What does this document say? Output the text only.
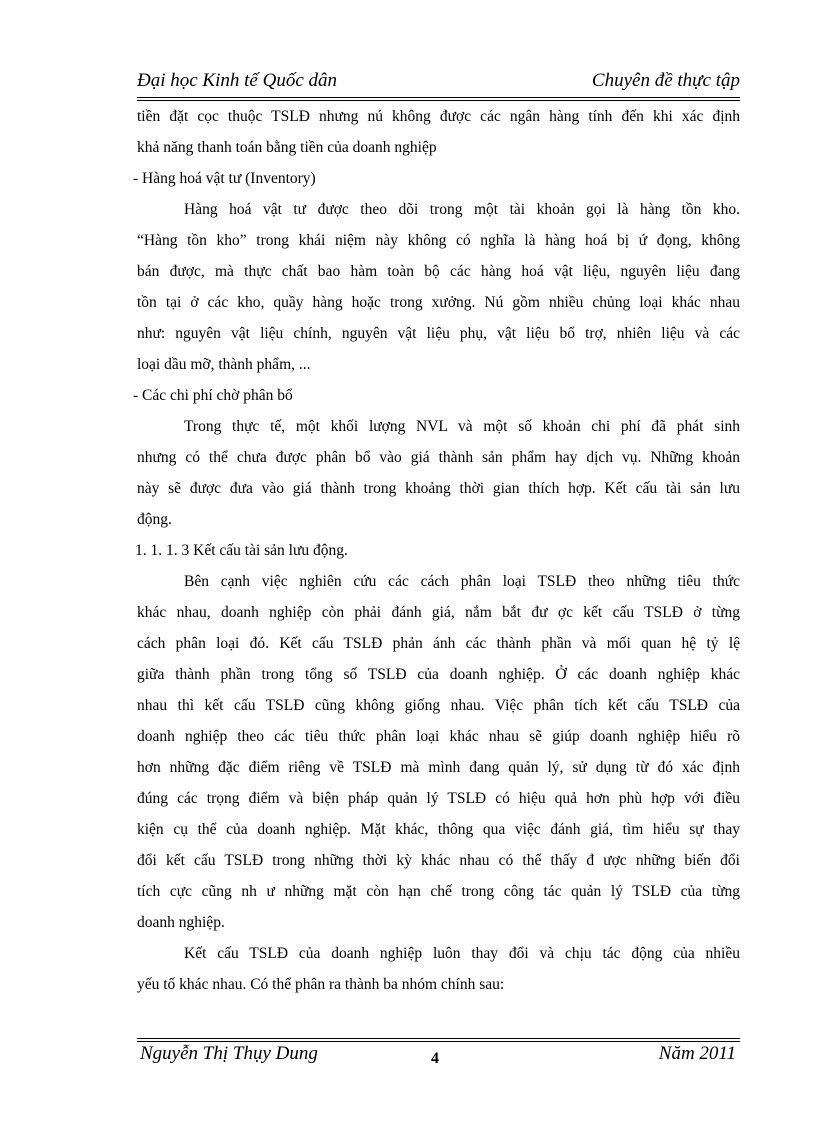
Đại học Kinh tế Quốc dân	Chuyên đề thực tập
tiền đặt cọc thuộc TSLĐ nhưng nú không được các ngân hàng tính đến khi xác định
khả năng thanh toán bằng tiền của doanh nghiệp
- Hàng hoá vật tư (Inventory)
Hàng hoá vật tư được theo dõi trong một tài khoản gọi là hàng tồn kho.
“Hàng tồn kho” trong khái niệm này không có nghĩa là hàng hoá bị ứ đọng, không
bán được, mà thực chất bao hàm toàn bộ các hàng hoá vật liệu, nguyên liệu đang
tồn tại ở các kho, quầy hàng hoặc trong xưởng. Nú gồm nhiều chủng loại khác nhau
như: nguyên vật liệu chính, nguyên vật liệu phụ, vật liệu bổ trợ, nhiên liệu và các
loại dầu mỡ, thành phẩm, ...
- Các chi phí chờ phân bổ
Trong thực tế, một khối lượng NVL và một số khoản chi phí đã phát sinh
nhưng có thể chưa được phân bổ vào giá thành sản phẩm hay dịch vụ. Những khoản
này sẽ được đưa vào giá thành trong khoảng thời gian thích hợp. Kết cấu tài sản lưu
động.
1. 1. 1. 3 Kết cấu tài sản lưu động.
Bên cạnh việc nghiên cứu các cách phân loại TSLĐ theo những tiêu thức
khác nhau, doanh nghiệp còn phải đánh giá, nắm bắt đư ợc kết cấu TSLĐ ở từng
cách phân loại đó. Kết cấu TSLĐ phản ánh các thành phần và mối quan hệ tỷ lệ
giữa thành phần trong tổng số TSLĐ của doanh nghiệp. Ở các doanh nghiệp khác
nhau thì kết cấu TSLĐ cũng không giống nhau. Việc phân tích kết cấu TSLĐ của
doanh nghiệp theo các tiêu thức phân loại khác nhau sẽ giúp doanh nghiệp hiểu rõ
hơn những đặc điểm riêng về TSLĐ mà mình đang quản lý, sử dụng từ đó xác định
đúng các trọng điểm và biện pháp quản lý TSLĐ có hiệu quả hơn phù hợp với điều
kiện cụ thể của doanh nghiệp. Mặt khác, thông qua việc đánh giá, tìm hiểu sự thay
đổi kết cấu TSLĐ trong những thời kỳ khác nhau có thể thấy đ ược những biến đổi
tích cực cũng nh ư những mặt còn hạn chế trong công tác quản lý TSLĐ của từng
doanh nghiệp.
Kết cấu TSLĐ của doanh nghiệp luôn thay đổi và chịu tác động của nhiều
yếu tố khác nhau. Có thể phân ra thành ba nhóm chính sau:
Nguyễn Thị Thụy Dung	4	Năm 2011
